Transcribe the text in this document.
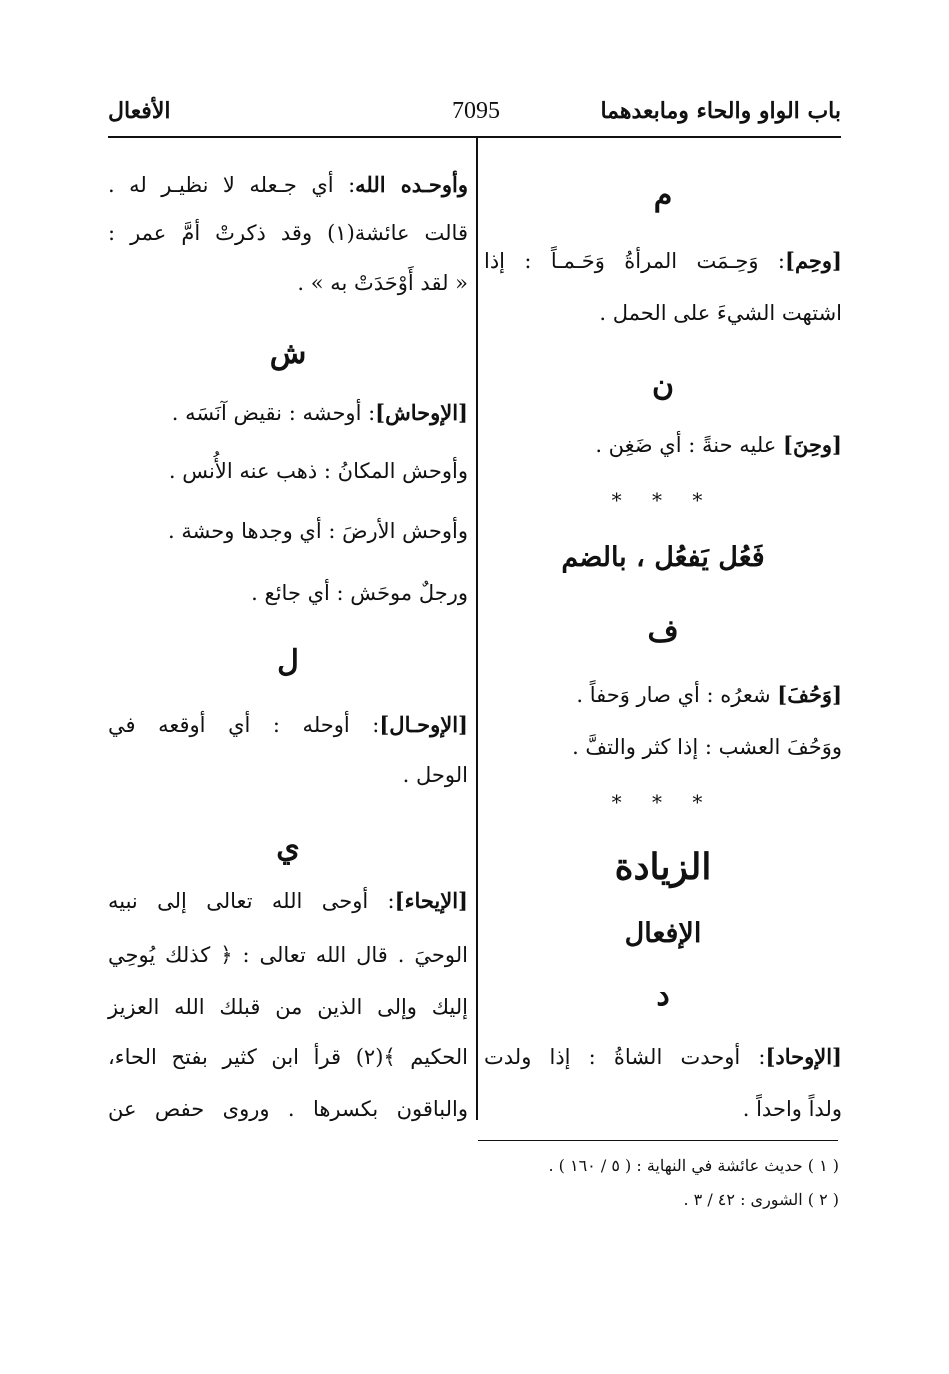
باب الواو والحاء ومابعدهما
7095
الأفعال
م
[وحِم]: وَحِـمَت المرأةُ وَحَـمـاً : إذا
اشتهت الشيءَ على الحمل .
ن
[وحِنَ] عليه حنةً : أي ضَغِن .
* * *
فَعُل يَفعُل ، بالضم
ف
[وَحُفَ] شعرُه : أي صار وَحفاً .
ووَحُفَ العشب : إذا كثر والتفَّ .
* * *
الزيادة
الإفعال
د
[الإوحاد]: أوحدت الشاةُ : إذا ولدت
ولداً واحداً .
وأوحـده الله: أي جـعله لا نظيـر له .
قالت عائشة(١) وقد ذكرتْ أمَّ عمر :
« لقد أَوْحَدَتْ به » .
ش
[الإوحاش]: أوحشه : نقيض آنَسَه .
وأوحش المكانُ : ذهب عنه الأُنس .
وأوحش الأرضَ : أي وجدها وحشة .
ورجلٌ موحَش : أي جائع .
ل
[الإوحـال]: أوحله : أي أوقعه في
الوحل .
ي
[الإيحاء]: أوحى الله تعالى إلى نبيه
الوحيَ . قال الله تعالى : ﴿ كذلك يُوحِي
إليك وإلى الذين من قبلك الله العزيز
الحكيم ﴾(٢) قرأ ابن كثير بفتح الحاء،
والباقون بكسرها . وروى حفص عن
( ١ ) حديث عائشة في النهاية : ( ٥ / ١٦٠ ) .
( ٢ ) الشورى : ٤٢ / ٣ .
